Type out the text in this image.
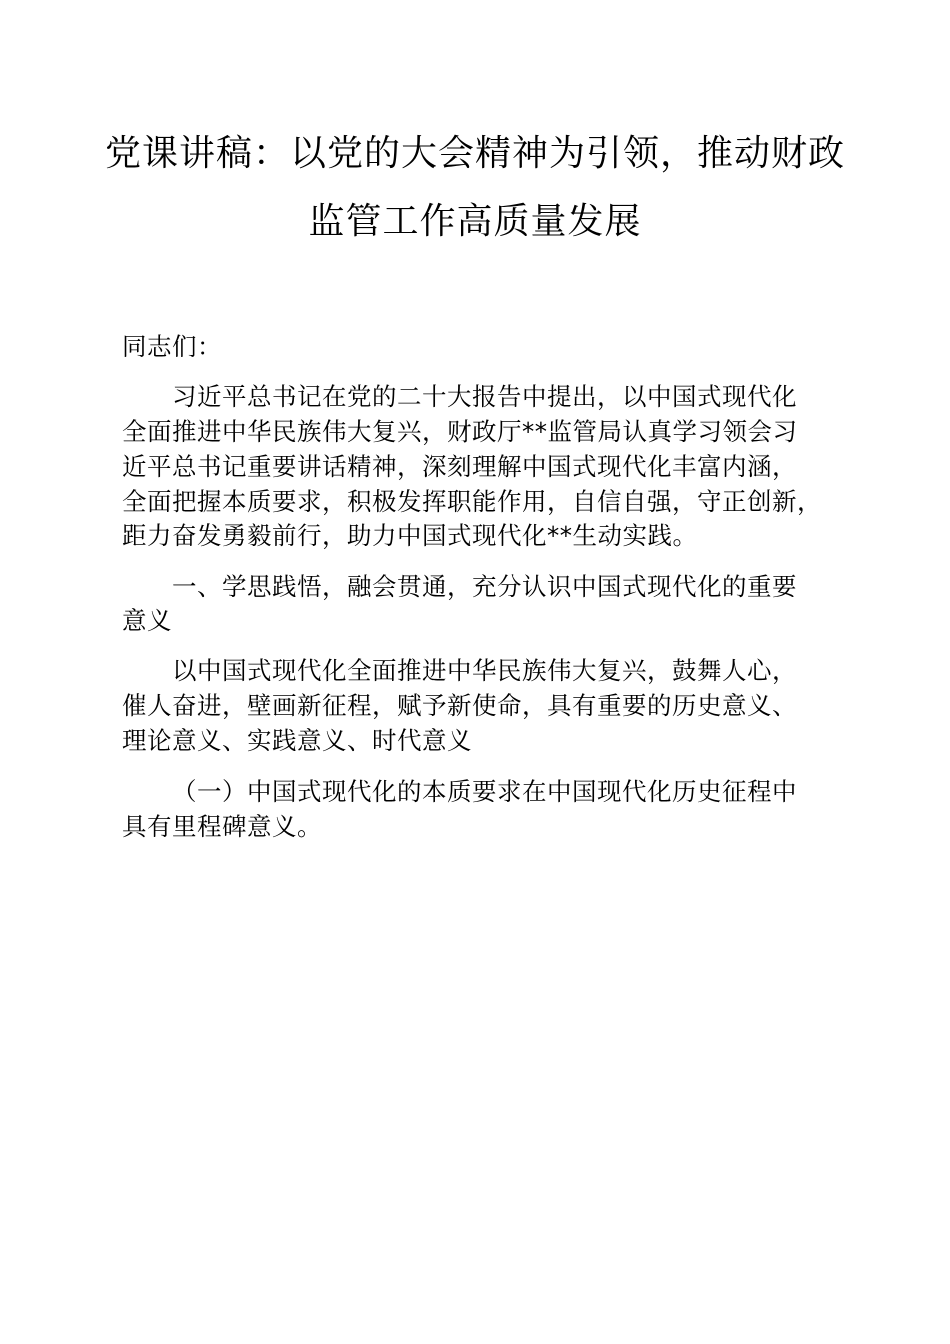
党课讲稿：以党的大会精神为引领，推动财政
监管工作高质量发展
同志们：
习近平总书记在党的二十大报告中提出，以中国式现代化
全面推进中华民族伟大复兴，财政厅**监管局认真学习领会习
近平总书记重要讲话精神，深刻理解中国式现代化丰富内涵，
全面把握本质要求，积极发挥职能作用，自信自强，守正创新，
距力奋发勇毅前行，助力中国式现代化**生动实践。
一、学思践悟，融会贯通，充分认识中国式现代化的重要
意义
以中国式现代化全面推进中华民族伟大复兴，鼓舞人心，
催人奋进，壁画新征程，赋予新使命，具有重要的历史意义、
理论意义、实践意义、时代意义
（一）中国式现代化的本质要求在中国现代化历史征程中
具有里程碑意义。
